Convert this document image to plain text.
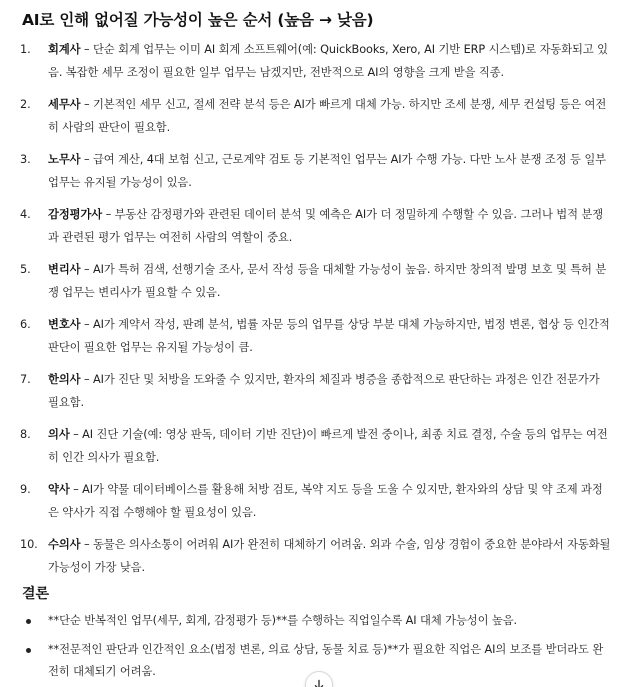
AI로 인해 없어질 가능성이 높은 순서 (높음 → 낮음)
1.	회계사 – 단순 회계 업무는 이미 AI 회계 소프트웨어(예: QuickBooks, Xero, AI 기반 ERP 시스템)로 자동화되고 있음. 복잡한 세무 조정이 필요한 일부 업무는 남겠지만, 전반적으로 AI의 영향을 크게 받을 직종.
2.	세무사 – 기본적인 세무 신고, 절세 전략 분석 등은 AI가 빠르게 대체 가능. 하지만 조세 분쟁, 세무 컨설팅 등은 여전히 사람의 판단이 필요함.
3.	노무사 – 급여 계산, 4대 보험 신고, 근로계약 검토 등 기본적인 업무는 AI가 수행 가능. 다만 노사 분쟁 조정 등 일부 업무는 유지될 가능성이 있음.
4.	감정평가사 – 부동산 감정평가와 관련된 데이터 분석 및 예측은 AI가 더 정밀하게 수행할 수 있음. 그러나 법적 분쟁과 관련된 평가 업무는 여전히 사람의 역할이 중요.
5.	변리사 – AI가 특허 검색, 선행기술 조사, 문서 작성 등을 대체할 가능성이 높음. 하지만 창의적 발명 보호 및 특허 분쟁 업무는 변리사가 필요할 수 있음.
6.	변호사 – AI가 계약서 작성, 판례 분석, 법률 자문 등의 업무를 상당 부분 대체 가능하지만, 법정 변론, 협상 등 인간적 판단이 필요한 업무는 유지될 가능성이 큼.
7.	한의사 – AI가 진단 및 처방을 도와줄 수 있지만, 환자의 체질과 병증을 종합적으로 판단하는 과정은 인간 전문가가 필요함.
8.	의사 – AI 진단 기술(예: 영상 판독, 데이터 기반 진단)이 빠르게 발전 중이나, 최종 치료 결정, 수술 등의 업무는 여전히 인간 의사가 필요함.
9.	약사 – AI가 약물 데이터베이스를 활용해 처방 검토, 복약 지도 등을 도울 수 있지만, 환자와의 상담 및 약 조제 과정은 약사가 직접 수행해야 할 필요성이 있음.
10. 수의사 – 동물은 의사소통이 어려워 AI가 완전히 대체하기 어려움. 외과 수술, 임상 경험이 중요한 분야라서 자동화될 가능성이 가장 낮음.
결론
**단순 반복적인 업무(세무, 회계, 감정평가 등)**를 수행하는 직업일수록 AI 대체 가능성이 높음.
**전문적인 판단과 인간적인 요소(법정 변론, 의료 상담, 동물 치료 등)**가 필요한 직업은 AI의 보조를 받더라도 완전히 대체되기 어려움.
